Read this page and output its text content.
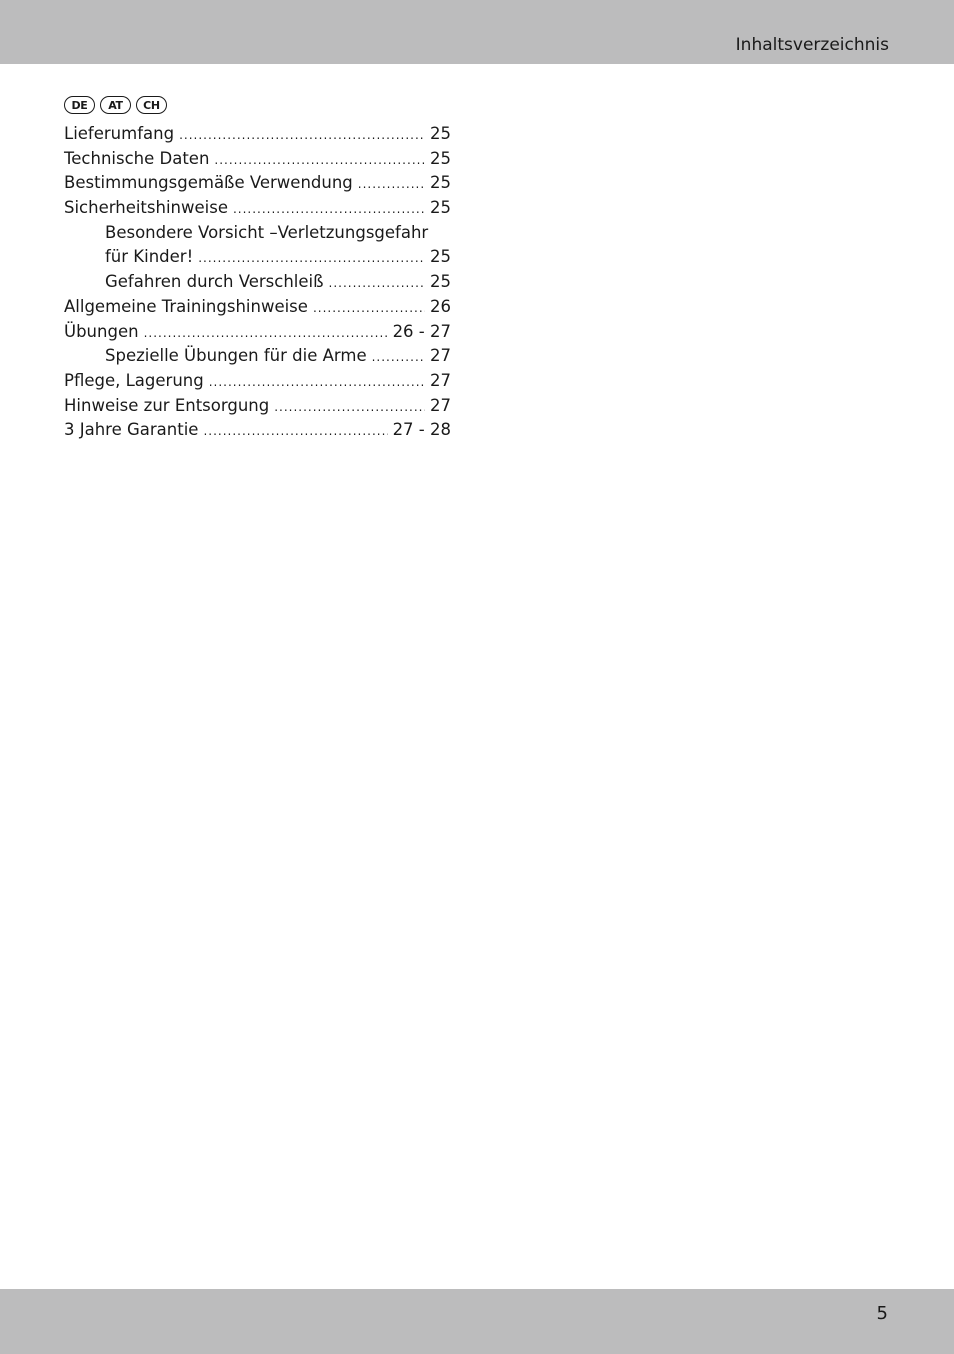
Inhaltsverzeichnis
DE	AT	CH
Lieferumfang .....	25
Technische Daten .....	25
Bestimmungsgemäße Verwendung .....	25
Sicherheitshinweise .....	25
Besondere Vorsicht –Verletzungsgefahr
für Kinder! .....	25
Gefahren durch Verschleiß .....	25
Allgemeine Trainingshinweise .....	26
Übungen .....	26 - 27
Spezielle Übungen für die Arme .....	27
Pflege, Lagerung .....	27
Hinweise zur Entsorgung .....	27
3 Jahre Garantie .....	27 - 28
5
